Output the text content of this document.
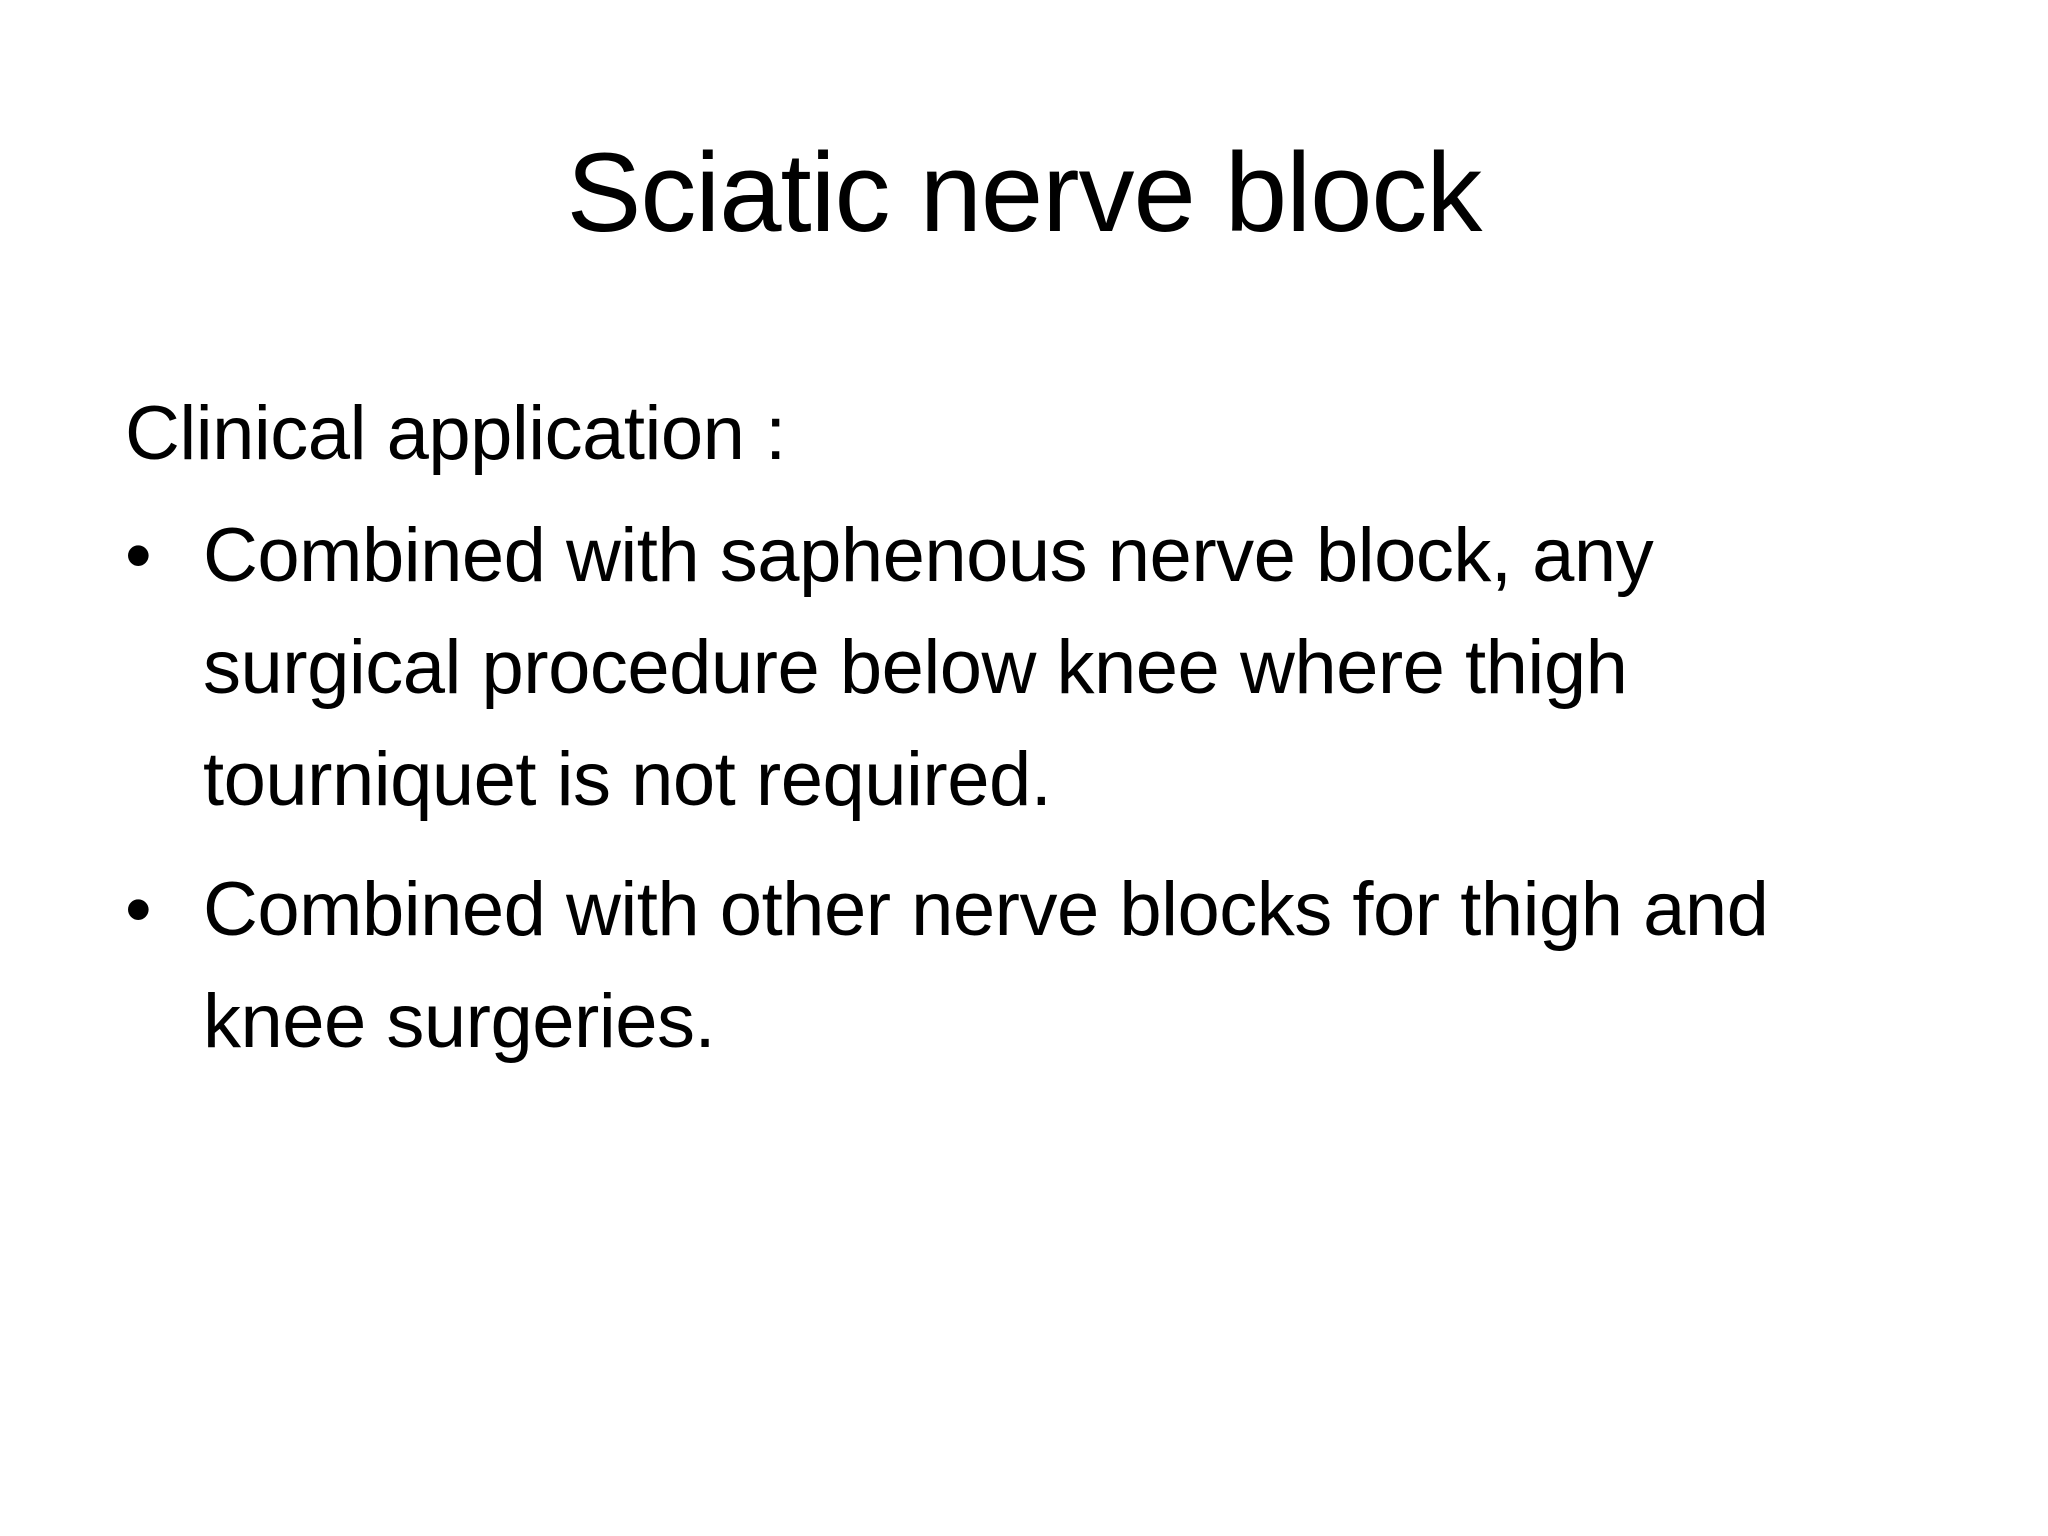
Sciatic nerve block
Clinical application :
• Combined with saphenous nerve block, any surgical procedure below knee where thigh tourniquet is not required.
• Combined with other nerve blocks for thigh and knee surgeries.
